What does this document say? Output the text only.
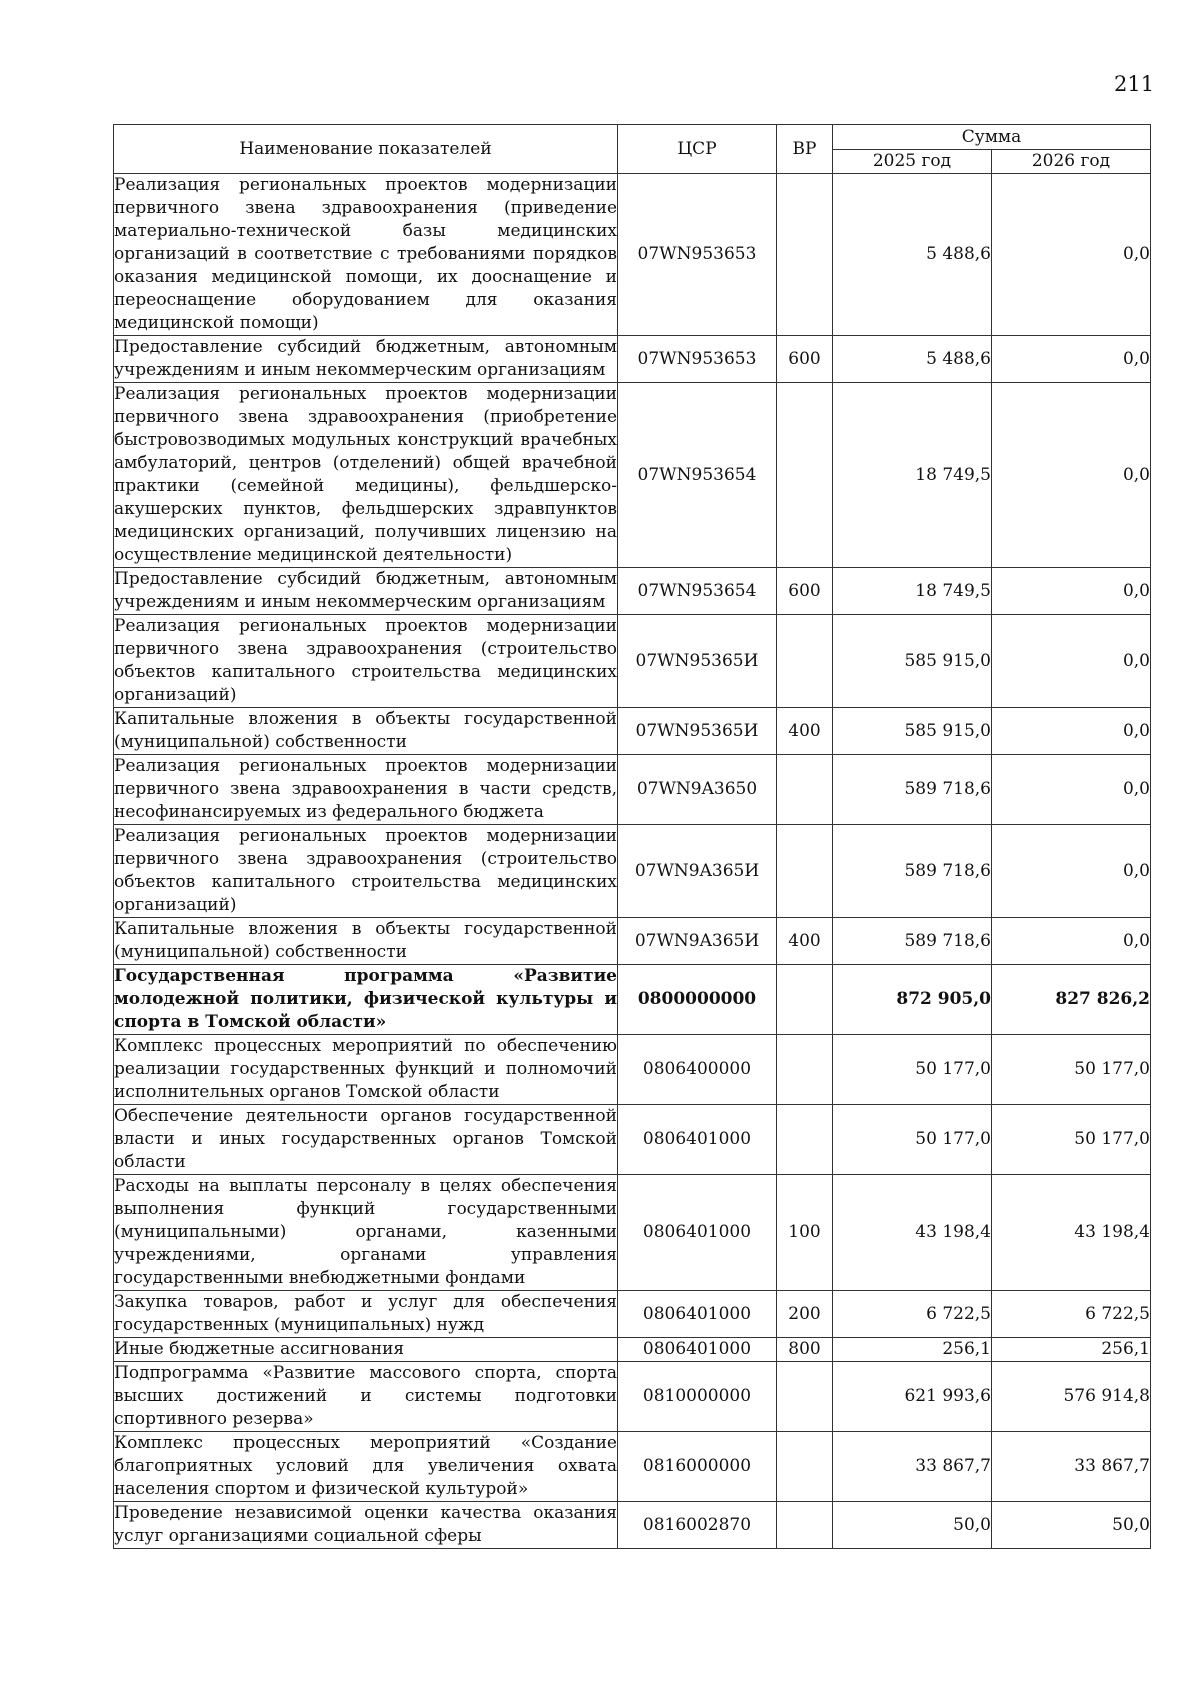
211
Наименование показателей	ЦСР	ВР	Сумма	
			2025 год	2026 год
Реализация региональных проектов модернизации первичного звена здравоохранения (приведение материально-технической базы медицинских организаций в соответствие с требованиями порядков оказания медицинской помощи, их дооснащение и переоснащение оборудованием для оказания медицинской помощи)	07WN953653		5 488,6	0,0
Предоставление субсидий бюджетным, автономным учреждениям и иным некоммерческим организациям	07WN953653	600	5 488,6	0,0
Реализация региональных проектов модернизации первичного звена здравоохранения (приобретение быстровозводимых модульных конструкций врачебных амбулаторий, центров (отделений) общей врачебной практики (семейной медицины), фельдшерско-акушерских пунктов, фельдшерских здравпунктов медицинских организаций, получивших лицензию на осуществление медицинской деятельности)	07WN953654		18 749,5	0,0
Предоставление субсидий бюджетным, автономным учреждениям и иным некоммерческим организациям	07WN953654	600	18 749,5	0,0
Реализация региональных проектов модернизации первичного звена здравоохранения (строительство объектов капитального строительства медицинских организаций)	07WN95365И		585 915,0	0,0
Капитальные вложения в объекты государственной (муниципальной) собственности	07WN95365И	400	585 915,0	0,0
Реализация региональных проектов модернизации первичного звена здравоохранения в части средств, несофинансируемых из федерального бюджета	07WN9A3650		589 718,6	0,0
Реализация региональных проектов модернизации первичного звена здравоохранения (строительство объектов капитального строительства медицинских организаций)	07WN9A365И		589 718,6	0,0
Капитальные вложения в объекты государственной (муниципальной) собственности	07WN9A365И	400	589 718,6	0,0
Государственная программа «Развитие молодежной политики, физической культуры и спорта в Томской области»	0800000000		872 905,0	827 826,2
Комплекс процессных мероприятий по обеспечению реализации государственных функций и полномочий исполнительных органов Томской области	0806400000		50 177,0	50 177,0
Обеспечение деятельности органов государственной власти и иных государственных органов Томской области	0806401000		50 177,0	50 177,0
Расходы на выплаты персоналу в целях обеспечения выполнения функций государственными (муниципальными) органами, казенными учреждениями, органами управления государственными внебюджетными фондами	0806401000	100	43 198,4	43 198,4
Закупка товаров, работ и услуг для обеспечения государственных (муниципальных) нужд	0806401000	200	6 722,5	6 722,5
Иные бюджетные ассигнования	0806401000	800	256,1	256,1
Подпрограмма «Развитие массового спорта, спорта высших достижений и системы подготовки спортивного резерва»	0810000000		621 993,6	576 914,8
Комплекс процессных мероприятий «Создание благоприятных условий для увеличения охвата населения спортом и физической культурой»	0816000000		33 867,7	33 867,7
Проведение независимой оценки качества оказания услуг организациями социальной сферы	0816002870		50,0	50,0
